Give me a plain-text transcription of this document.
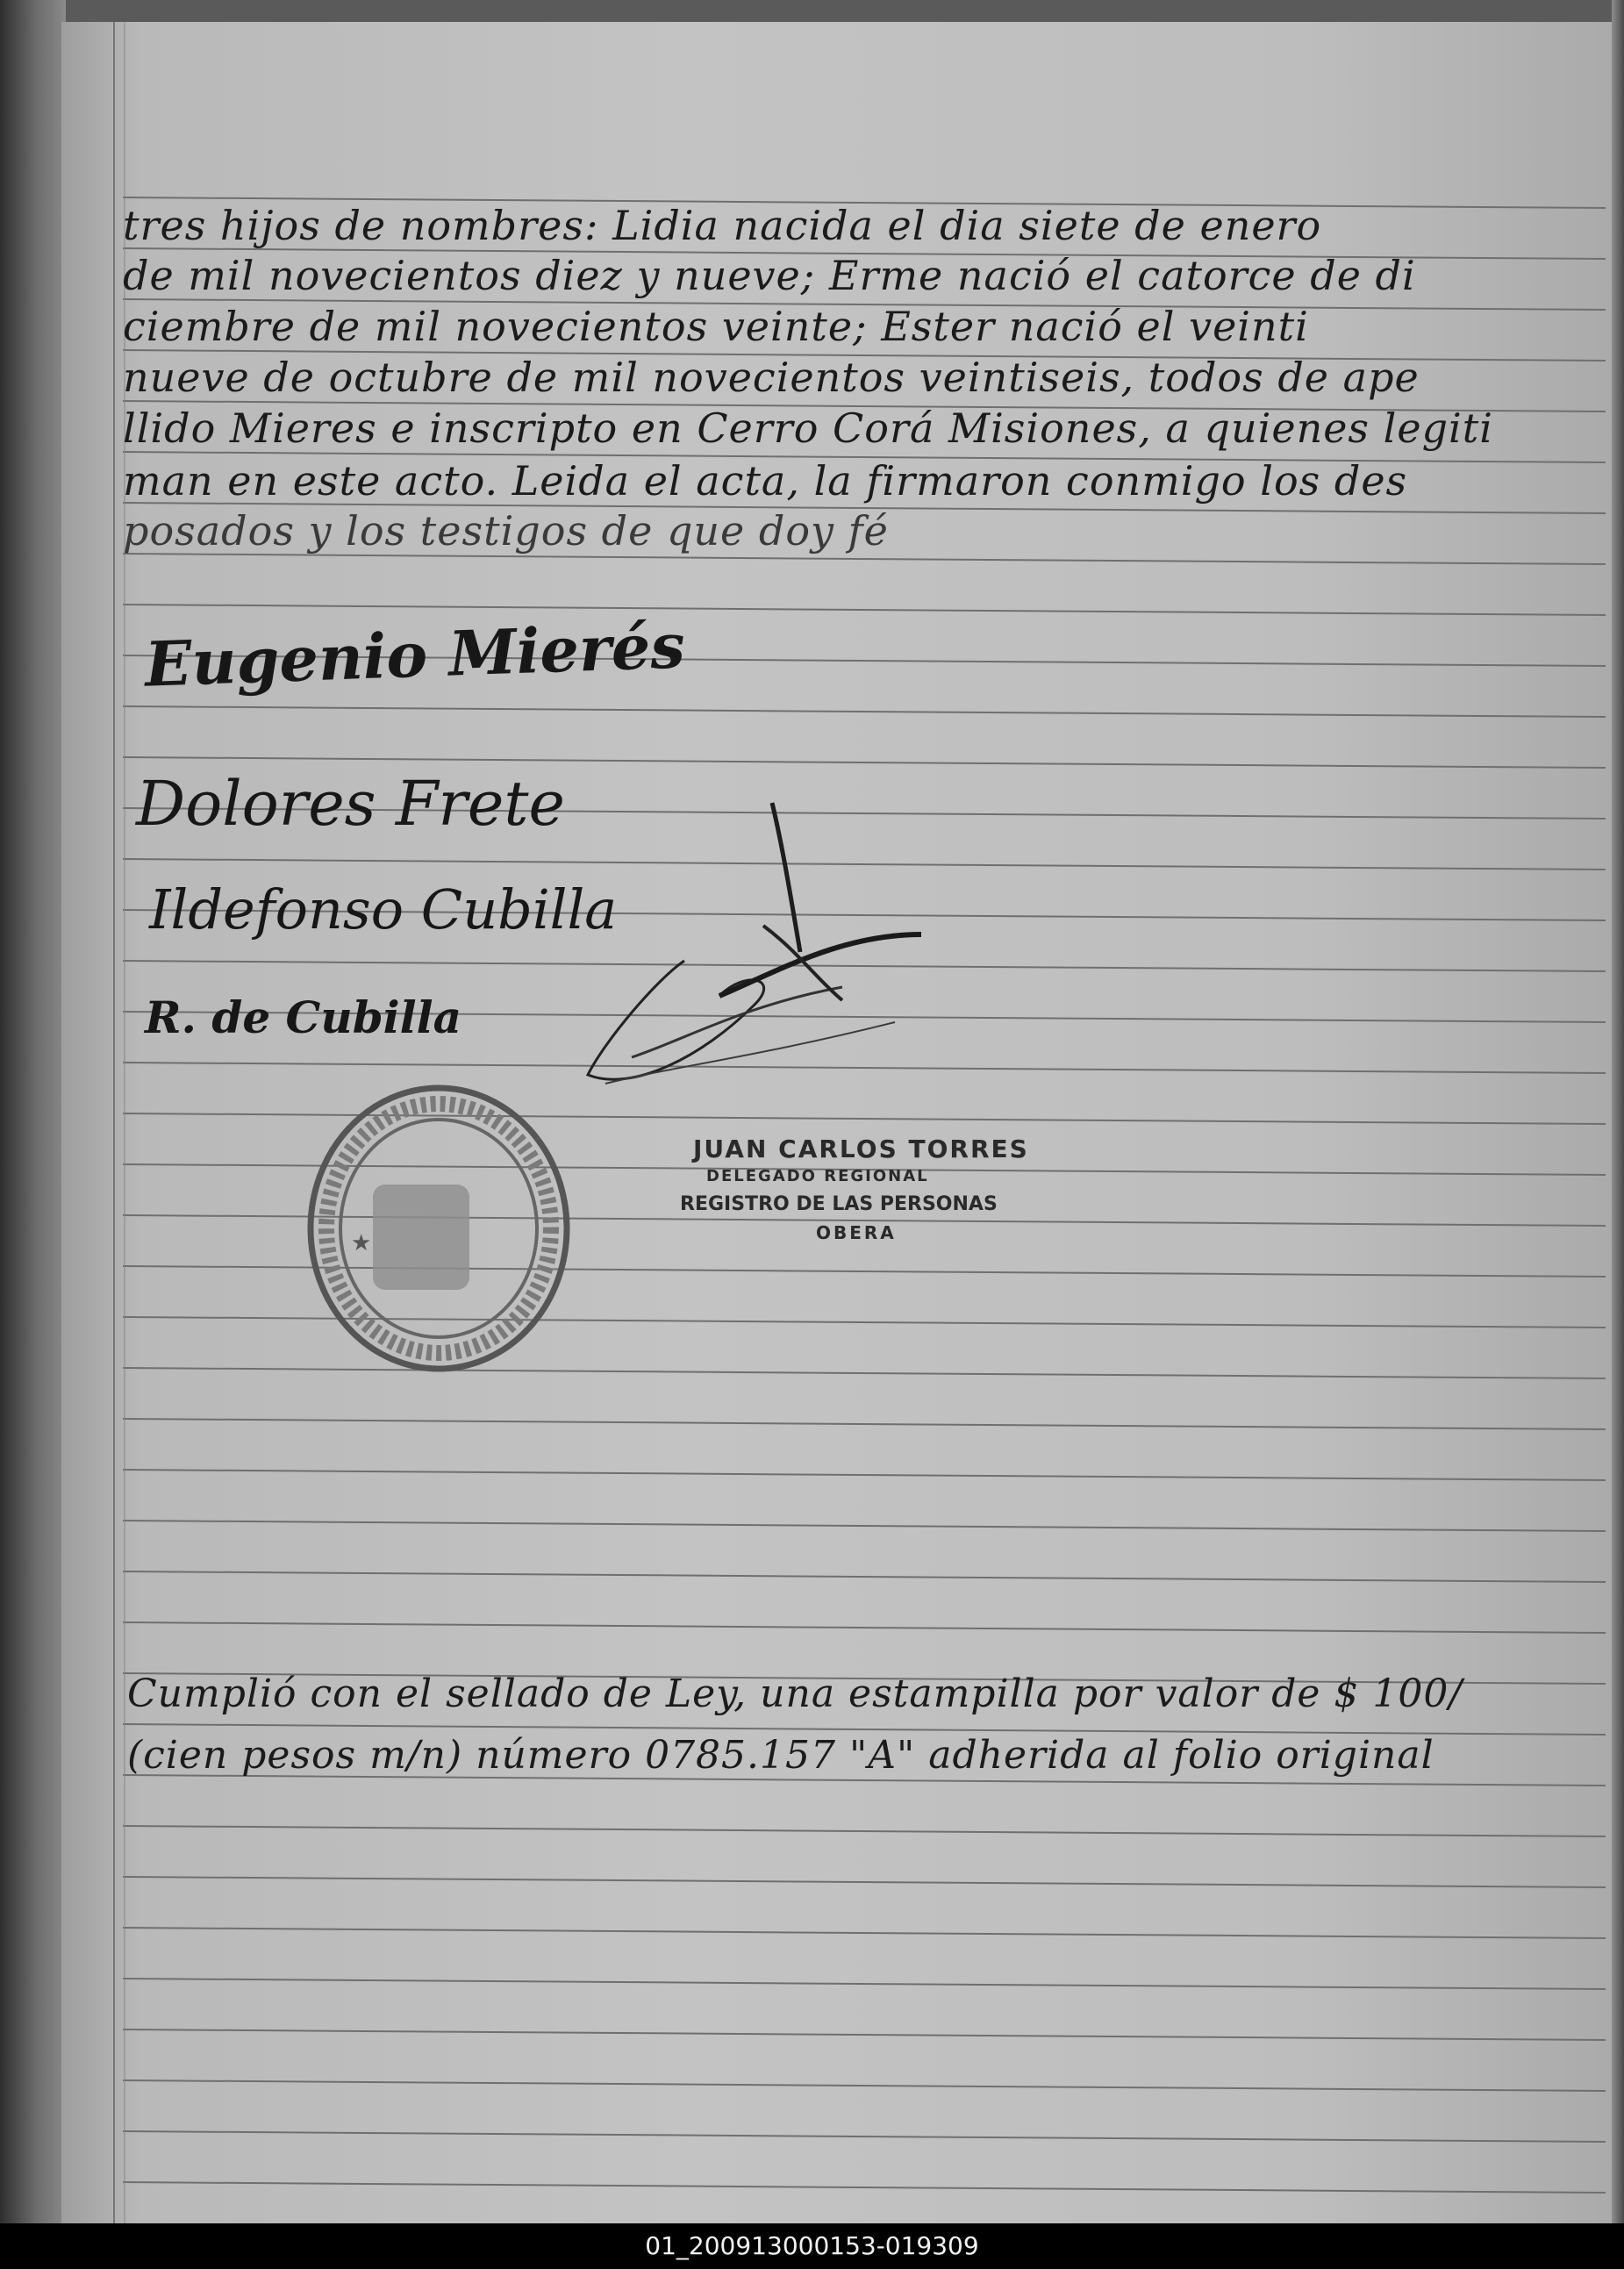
tres hijos de nombres: Lidia nacida el dia siete de enero
de mil novecientos diez y nueve; Erme nació el catorce de di
ciembre de mil novecientos veinte; Ester nació el veinti
nueve de octubre de mil novecientos veintiseis, todos de ape
llido Mieres e inscripto en Cerro Corá Misiones, a quienes legiti
man en este acto. Leida el acta, la firmaron conmigo los des
posados y los testigos de que doy fé
Eugenio Mierés
Dolores Frete
Ildefonso Cubilla
R. de Cubilla
★
JUAN CARLOS TORRES
DELEGADO REGIONAL
REGISTRO DE LAS PERSONAS
OBERA
Cumplió con el sellado de Ley, una estampilla por valor de $ 100/
(cien pesos m/n) número 0785.157 "A" adherida al folio original
01_200913000153-019309
